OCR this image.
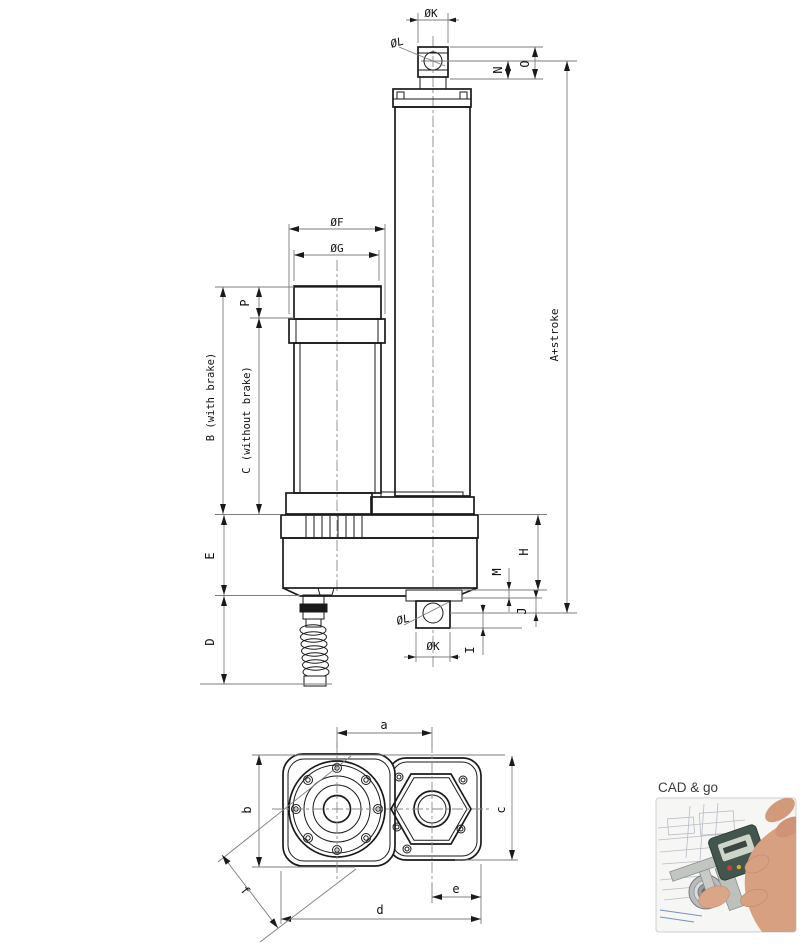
ØK
ØL
N
O
A+stroke
ØF
ØG
P
B (with brake) C (without brake)
E
D
H
M
J
I
ØL
ØK
a
b	c
d
e
f
CAD & go
